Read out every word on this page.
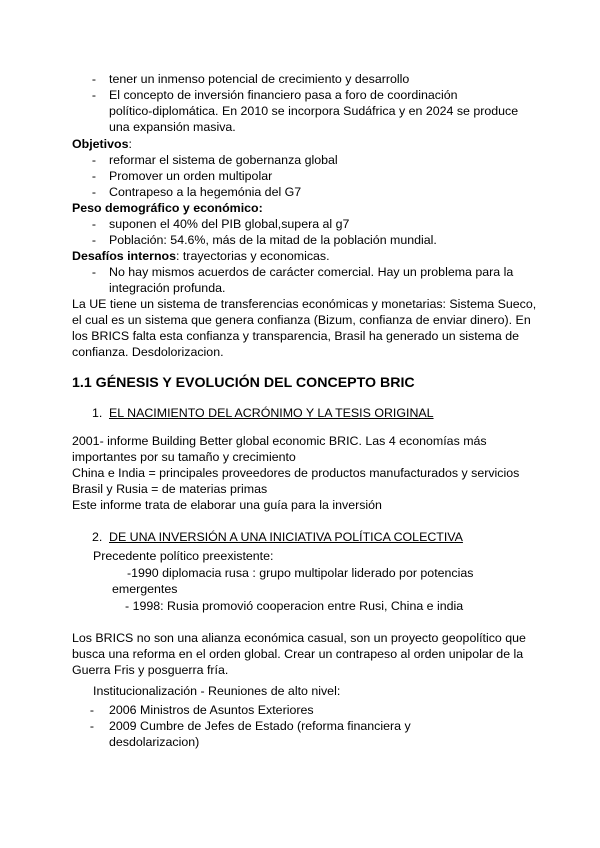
-	tener un inmenso potencial de crecimiento y desarrollo
-	El concepto de inversión financiero pasa a foro de coordinación
político-diplomática. En 2010 se incorpora Sudáfrica y en 2024 se produce
una expansión masiva.
Objetivos:
-	reformar el sistema de gobernanza global
-	Promover un orden multipolar
-	Contrapeso a la hegemónia del G7
Peso demográfico y económico:
-	suponen el 40% del PIB global,supera al g7
-	Población: 54.6%, más de la mitad de la población mundial.
Desafíos internos: trayectorias y economicas.
-	No hay mismos acuerdos de carácter comercial. Hay un problema para la
integración profunda.
La UE tiene un sistema de transferencias económicas y monetarias: Sistema Sueco,
el cual es un sistema que genera confianza (Bizum, confianza de enviar dinero). En
los BRICS falta esta confianza y transparencia, Brasil ha generado un sistema de
confianza. Desdolorizacion.
1.1 GÉNESIS Y EVOLUCIÓN DEL CONCEPTO BRIC
1. EL NACIMIENTO DEL ACRÓNIMO Y LA TESIS ORIGINAL
2001- informe Building Better global economic BRIC. Las 4 economías más
importantes por su tamaño y crecimiento
China e India = principales proveedores de productos manufacturados y servicios
Brasil y Rusia = de materias primas
Este informe trata de elaborar una guía para la inversión
2. DE UNA INVERSIÓN A UNA INICIATIVA POLÍTICA COLECTIVA
Precedente político preexistente:
-1990 diplomacia rusa : grupo multipolar liderado por potencias
emergentes
- 1998: Rusia promovió cooperacion entre Rusi, China e india
Los BRICS no son una alianza económica casual, son un proyecto geopolítico que
busca una reforma en el orden global. Crear un contrapeso al orden unipolar de la
Guerra Fris y posguerra fría.
Institucionalización - Reuniones de alto nivel:
-	2006 Ministros de Asuntos Exteriores
-	2009 Cumbre de Jefes de Estado (reforma financiera y
desdolarizacion)
